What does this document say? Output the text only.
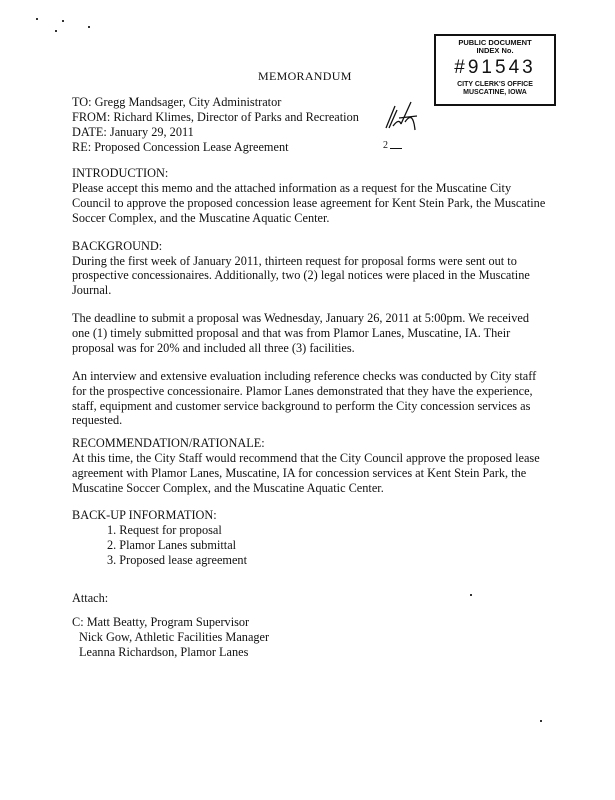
PUBLIC DOCUMENT
INDEX No.
#91543
CITY CLERK'S OFFICE
MUSCATINE, IOWA
MEMORANDUM
TO: Gregg Mandsager, City Administrator
FROM: Richard Klimes, Director of Parks and Recreation
DATE: January 29, 2011
RE: Proposed Concession Lease Agreement	2
INTRODUCTION:
Please accept this memo and the attached information as a request for the Muscatine City
Council to approve the proposed concession lease agreement for Kent Stein Park, the Muscatine
Soccer Complex, and the Muscatine Aquatic Center.
BACKGROUND:
During the first week of January 2011, thirteen request for proposal forms were sent out to
prospective concessionaires. Additionally, two (2) legal notices were placed in the Muscatine
Journal.
The deadline to submit a proposal was Wednesday, January 26, 2011 at 5:00pm. We received
one (1) timely submitted proposal and that was from Plamor Lanes, Muscatine, IA. Their
proposal was for 20% and included all three (3) facilities.
An interview and extensive evaluation including reference checks was conducted by City staff
for the prospective concessionaire. Plamor Lanes demonstrated that they have the experience,
staff, equipment and customer service background to perform the City concession services as
requested.
RECOMMENDATION/RATIONALE:
At this time, the City Staff would recommend that the City Council approve the proposed lease
agreement with Plamor Lanes, Muscatine, IA for concession services at Kent Stein Park, the
Muscatine Soccer Complex, and the Muscatine Aquatic Center.
BACK-UP INFORMATION:
1. Request for proposal
2. Plamor Lanes submittal
3. Proposed lease agreement
Attach:
C: Matt Beatty, Program Supervisor
Nick Gow, Athletic Facilities Manager
Leanna Richardson, Plamor Lanes
